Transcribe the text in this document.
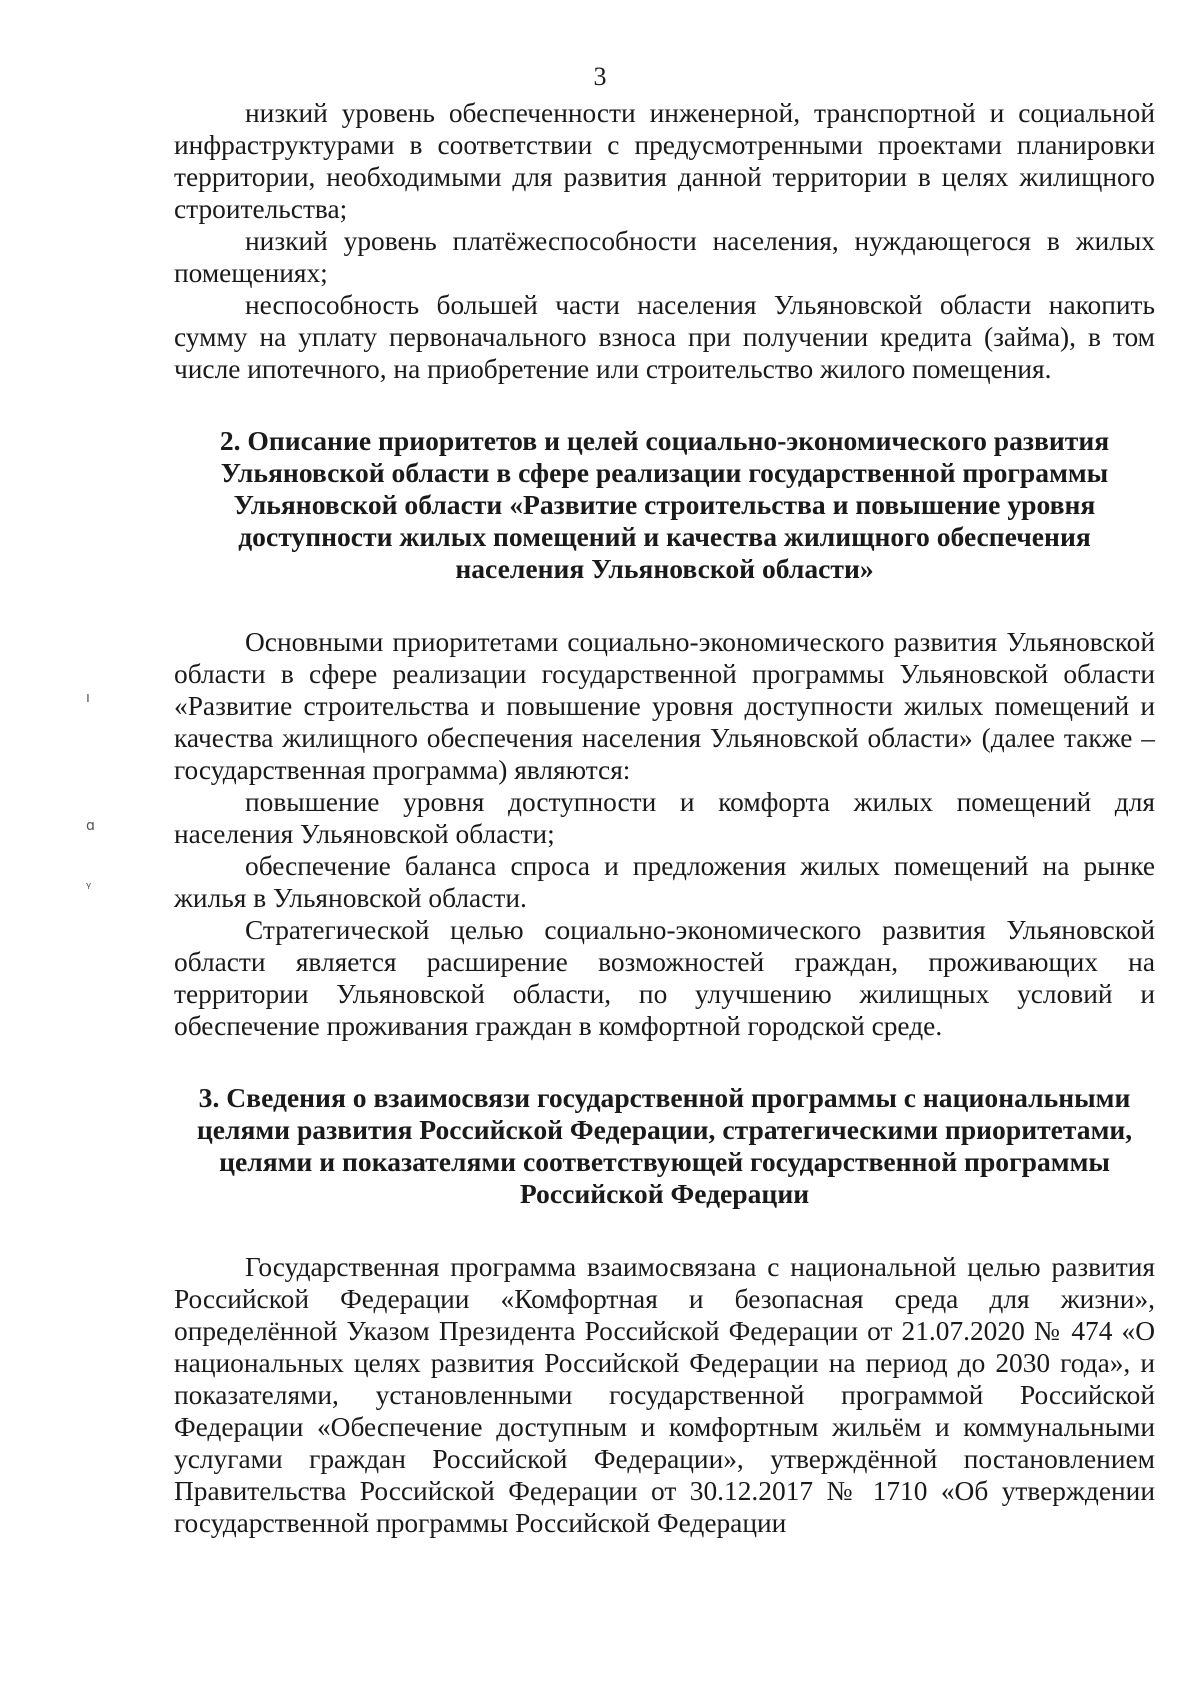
3
ı
ɑ
ᵞ

низкий уровень обеспеченности инженерной, транспортной и социальной инфраструктурами в соответствии с предусмотренными проектами планировки территории, необходимыми для развития данной территории в целях жилищного строительства;

низкий уровень платёжеспособности населения, нуждающегося в жилых помещениях;

неспособность большей части населения Ульяновской области накопить сумму на уплату первоначального взноса при получении кредита (займа), в том числе ипотечного, на приобретение или строительство жилого помещения.

2. Описание приоритетов и целей социально-экономического развития Ульяновской области в сфере реализации государственной программы Ульяновской области «Развитие строительства и повышение уровня доступности жилых помещений и качества жилищного обеспечения населения Ульяновской области»

Основными приоритетами социально-экономического развития Ульяновской области в сфере реализации государственной программы Ульяновской области «Развитие строительства и повышение уровня доступности жилых помещений и качества жилищного обеспечения населения Ульяновской области» (далее также – государственная программа) являются:

повышение уровня доступности и комфорта жилых помещений для населения Ульяновской области;

обеспечение баланса спроса и предложения жилых помещений на рынке жилья в Ульяновской области.

Стратегической целью социально-экономического развития Ульяновской области является расширение возможностей граждан, проживающих на территории Ульяновской области, по улучшению жилищных условий и обеспечение проживания граждан в комфортной городской среде.

3. Сведения о взаимосвязи государственной программы с национальными целями развития Российской Федерации, стратегическими приоритетами, целями и показателями соответствующей государственной программы Российской Федерации

Государственная программа взаимосвязана с национальной целью развития Российской Федерации «Комфортная и безопасная среда для жизни», определённой Указом Президента Российской Федерации от 21.07.2020 № 474 «О национальных целях развития Российской Федерации на период до 2030 года», и показателями, установленными государственной программой Российской Федерации «Обеспечение доступным и комфортным жильём и коммунальными услугами граждан Российской Федерации», утверждённой постановлением Правительства Российской Федерации от 30.12.2017 № 1710 «Об утверждении государственной программы Российской Федерации
